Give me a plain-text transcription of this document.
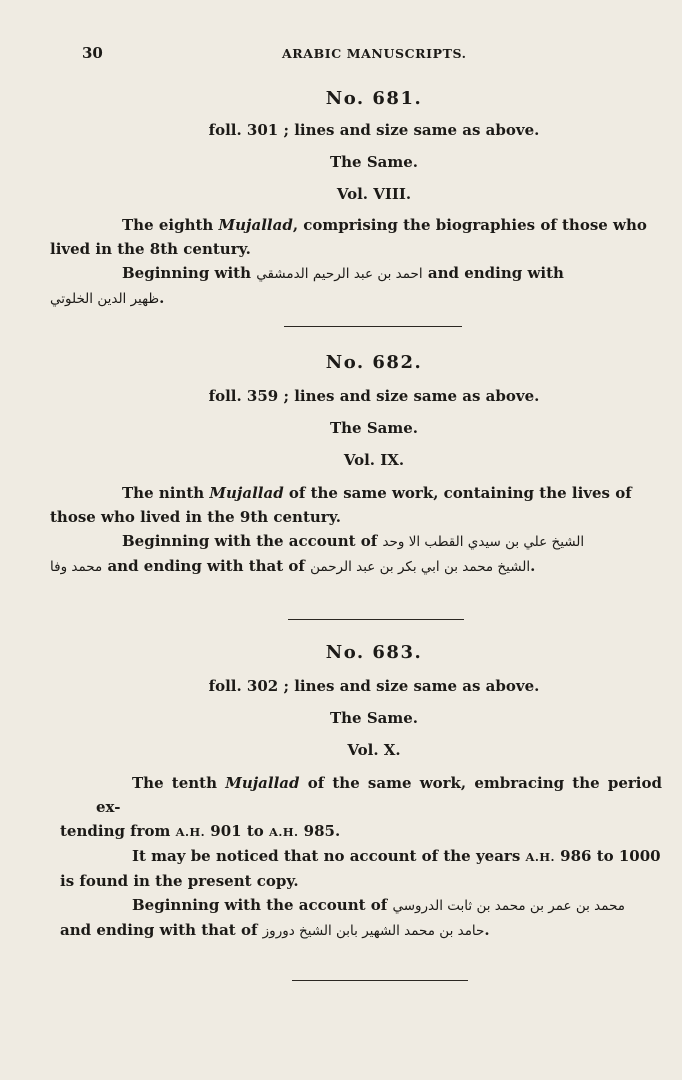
30	ARABIC MANUSCRIPTS.

No. 681.

foll. 301 ; lines and size same as above.

The Same.

Vol. VIII.

The eighth Mujallad, comprising the biographies of those who
lived in the 8th century.

Beginning with احمد بن عبد الرحيم الدمشقي and ending with
ظهير الدين الخلوتي.

No. 682.

foll. 359 ; lines and size same as above.

The Same.

Vol. IX.

The ninth Mujallad of the same work, containing the lives of
those who lived in the 9th century.

Beginning with the account of الشيخ علي بن سيدي القطب الا وحد
محمد وفا and ending with that of الشيخ محمد بن ابي بكر بن عبد الرحمن.

No. 683.

foll. 302 ; lines and size same as above.

The Same.

Vol. X.

The tenth Mujallad of the same work, embracing the period ex-
tending from A.H. 901 to A.H. 985.

It may be noticed that no account of the years A.H. 986 to 1000
is found in the present copy.

Beginning with the account of محمد بن عمر بن محمد بن ثابت الدروسي
and ending with that of حامد بن محمد الشهير بابن الشيخ دوروز.
